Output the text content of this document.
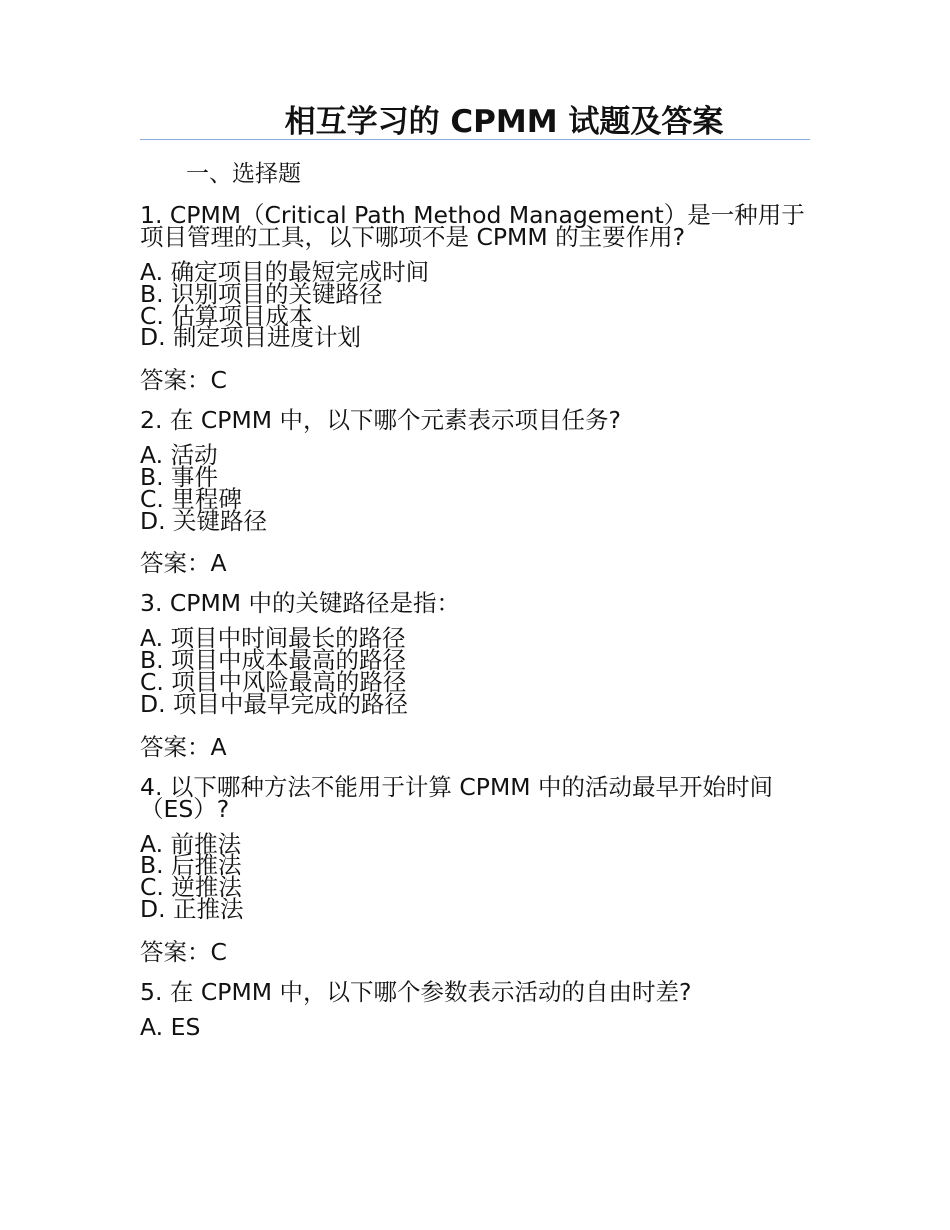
相互学习的 CPMM 试题及答案
一、选择题

1. CPMM（Critical Path Method Management）是一种用于项目管理的工具，以下哪项不是 CPMM 的主要作用?

A. 确定项目的最短完成时间
B. 识别项目的关键路径
C. 估算项目成本
D. 制定项目进度计划

答案：C

2. 在 CPMM 中，以下哪个元素表示项目任务?

A. 活动
B. 事件
C. 里程碑
D. 关键路径

答案：A

3. CPMM 中的关键路径是指：

A. 项目中时间最长的路径
B. 项目中成本最高的路径
C. 项目中风险最高的路径
D. 项目中最早完成的路径

答案：A

4. 以下哪种方法不能用于计算 CPMM 中的活动最早开始时间（ES）?

A. 前推法
B. 后推法
C. 逆推法
D. 正推法

答案：C

5. 在 CPMM 中，以下哪个参数表示活动的自由时差?

A. ES
